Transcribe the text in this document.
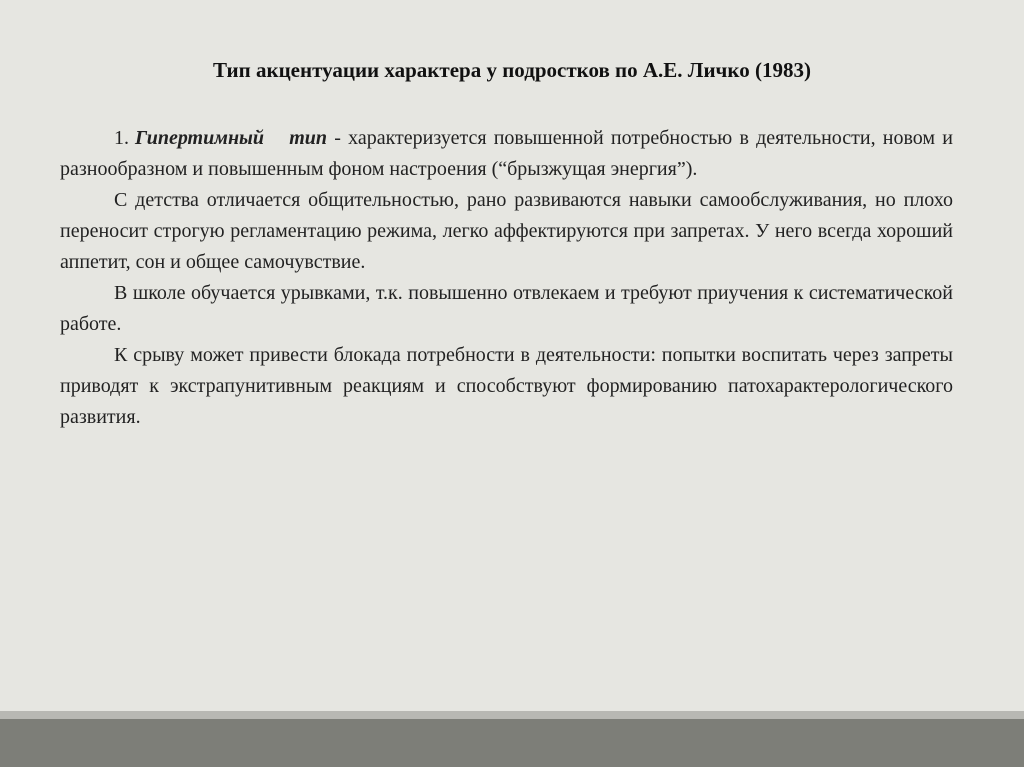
Тип акцентуации характера у подростков по А.Е. Личко (1983)

1. Гипертимный тип - характеризуется повышенной потребностью в деятельности, новом и разнообразном и повышенным фоном настроения (“брызжущая энергия”).

С детства отличается общительностью, рано развиваются навыки самообслуживания, но плохо переносит строгую регламентацию режима, легко аффектируются при запретах. У него всегда хороший аппетит, сон и общее самочувствие.

В школе обучается урывками, т.к. повышенно отвлекаем и требуют приучения к систематической работе.

К срыву может привести блокада потребности в деятельности: попытки воспитать через запреты приводят к экстрапунитивным реакциям и способствуют формированию патохарактерологического развития.
